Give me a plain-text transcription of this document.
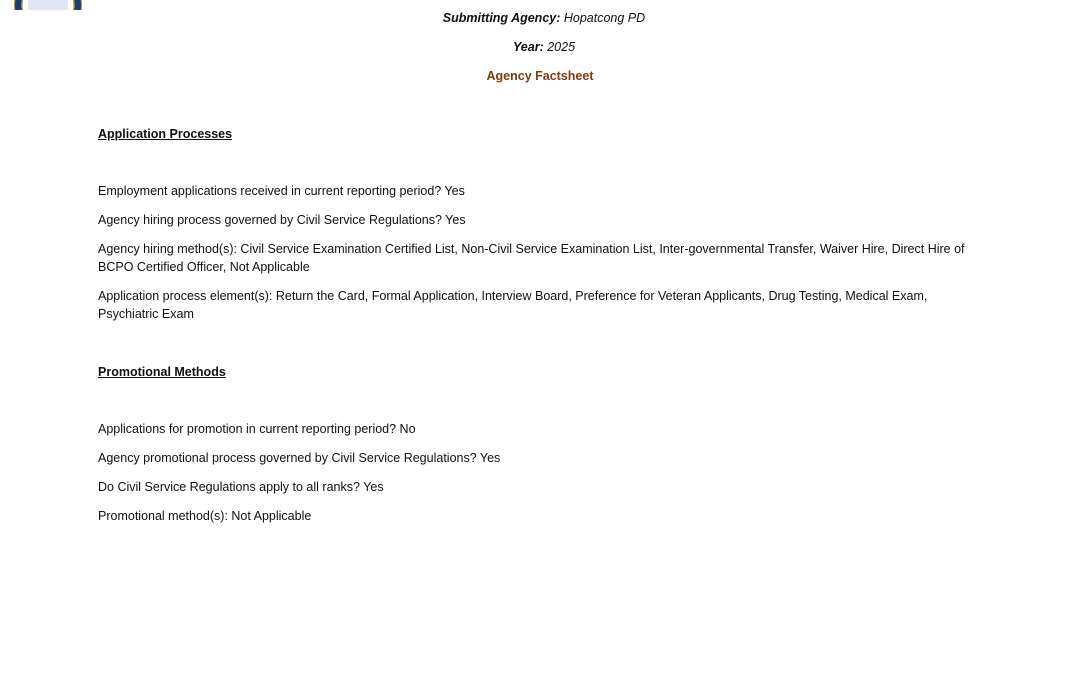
Submitting Agency: Hopatcong PD
Year: 2025
Agency Factsheet
Application Processes
Employment applications received in current reporting period? Yes
Agency hiring process governed by Civil Service Regulations? Yes
Agency hiring method(s): Civil Service Examination Certified List, Non-Civil Service Examination List, Inter-governmental Transfer, Waiver Hire, Direct Hire of BCPO Certified Officer, Not Applicable
Application process element(s): Return the Card, Formal Application, Interview Board, Preference for Veteran Applicants, Drug Testing, Medical Exam, Psychiatric Exam
Promotional Methods
Applications for promotion in current reporting period? No
Agency promotional process governed by Civil Service Regulations? Yes
Do Civil Service Regulations apply to all ranks? Yes
Promotional method(s): Not Applicable
